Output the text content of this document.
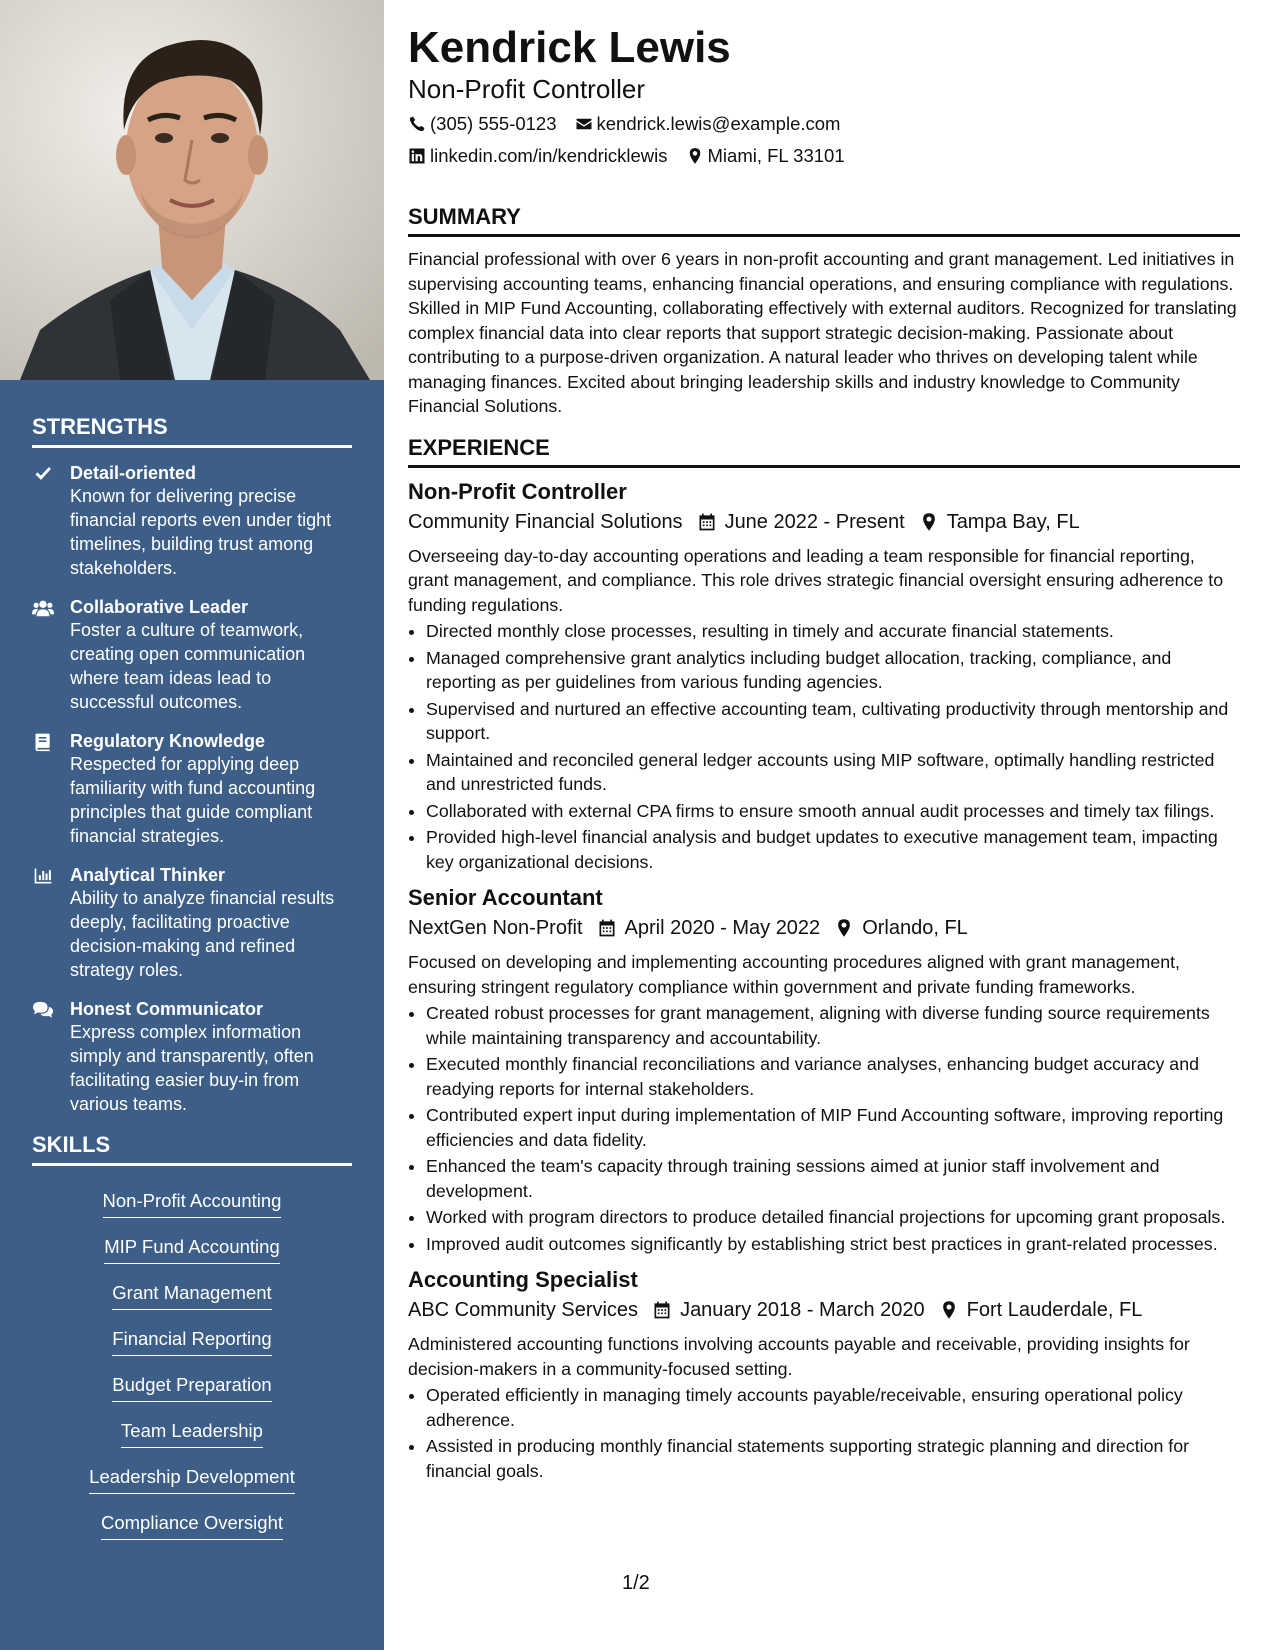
STRENGTHS
Detail-oriented
Known for delivering precise financial reports even under tight timelines, building trust among stakeholders.
Collaborative Leader
Foster a culture of teamwork, creating open communication where team ideas lead to successful outcomes.
Regulatory Knowledge
Respected for applying deep familiarity with fund accounting principles that guide compliant financial strategies.
Analytical Thinker
Ability to analyze financial results deeply, facilitating proactive decision-making and refined strategy roles.
Honest Communicator
Express complex information simply and transparently, often facilitating easier buy-in from various teams.
SKILLS
Non-Profit Accounting
MIP Fund Accounting
Grant Management
Financial Reporting
Budget Preparation
Team Leadership
Leadership Development
Compliance Oversight
Kendrick Lewis
Non-Profit Controller
(305) 555-0123 kendrick.lewis@example.com
linkedin.com/in/kendricklewis Miami, FL 33101
SUMMARY
Financial professional with over 6 years in non-profit accounting and grant management. Led initiatives in supervising accounting teams, enhancing financial operations, and ensuring compliance with regulations. Skilled in MIP Fund Accounting, collaborating effectively with external auditors. Recognized for translating complex financial data into clear reports that support strategic decision-making. Passionate about contributing to a purpose-driven organization. A natural leader who thrives on developing talent while managing finances. Excited about bringing leadership skills and industry knowledge to Community Financial Solutions.
EXPERIENCE
Non-Profit Controller
Community Financial Solutions June 2022 - Present Tampa Bay, FL
Overseeing day-to-day accounting operations and leading a team responsible for financial reporting, grant management, and compliance. This role drives strategic financial oversight ensuring adherence to funding regulations.
• Directed monthly close processes, resulting in timely and accurate financial statements.
• Managed comprehensive grant analytics including budget allocation, tracking, compliance, and reporting as per guidelines from various funding agencies.
• Supervised and nurtured an effective accounting team, cultivating productivity through mentorship and support.
• Maintained and reconciled general ledger accounts using MIP software, optimally handling restricted and unrestricted funds.
• Collaborated with external CPA firms to ensure smooth annual audit processes and timely tax filings.
• Provided high-level financial analysis and budget updates to executive management team, impacting key organizational decisions.
Senior Accountant
NextGen Non-Profit April 2020 - May 2022 Orlando, FL
Focused on developing and implementing accounting procedures aligned with grant management, ensuring stringent regulatory compliance within government and private funding frameworks.
• Created robust processes for grant management, aligning with diverse funding source requirements while maintaining transparency and accountability.
• Executed monthly financial reconciliations and variance analyses, enhancing budget accuracy and readying reports for internal stakeholders.
• Contributed expert input during implementation of MIP Fund Accounting software, improving reporting efficiencies and data fidelity.
• Enhanced the team's capacity through training sessions aimed at junior staff involvement and development.
• Worked with program directors to produce detailed financial projections for upcoming grant proposals.
• Improved audit outcomes significantly by establishing strict best practices in grant-related processes.
Accounting Specialist
ABC Community Services January 2018 - March 2020 Fort Lauderdale, FL
Administered accounting functions involving accounts payable and receivable, providing insights for decision-makers in a community-focused setting.
• Operated efficiently in managing timely accounts payable/receivable, ensuring operational policy adherence.
• Assisted in producing monthly financial statements supporting strategic planning and direction for financial goals.
1/2
